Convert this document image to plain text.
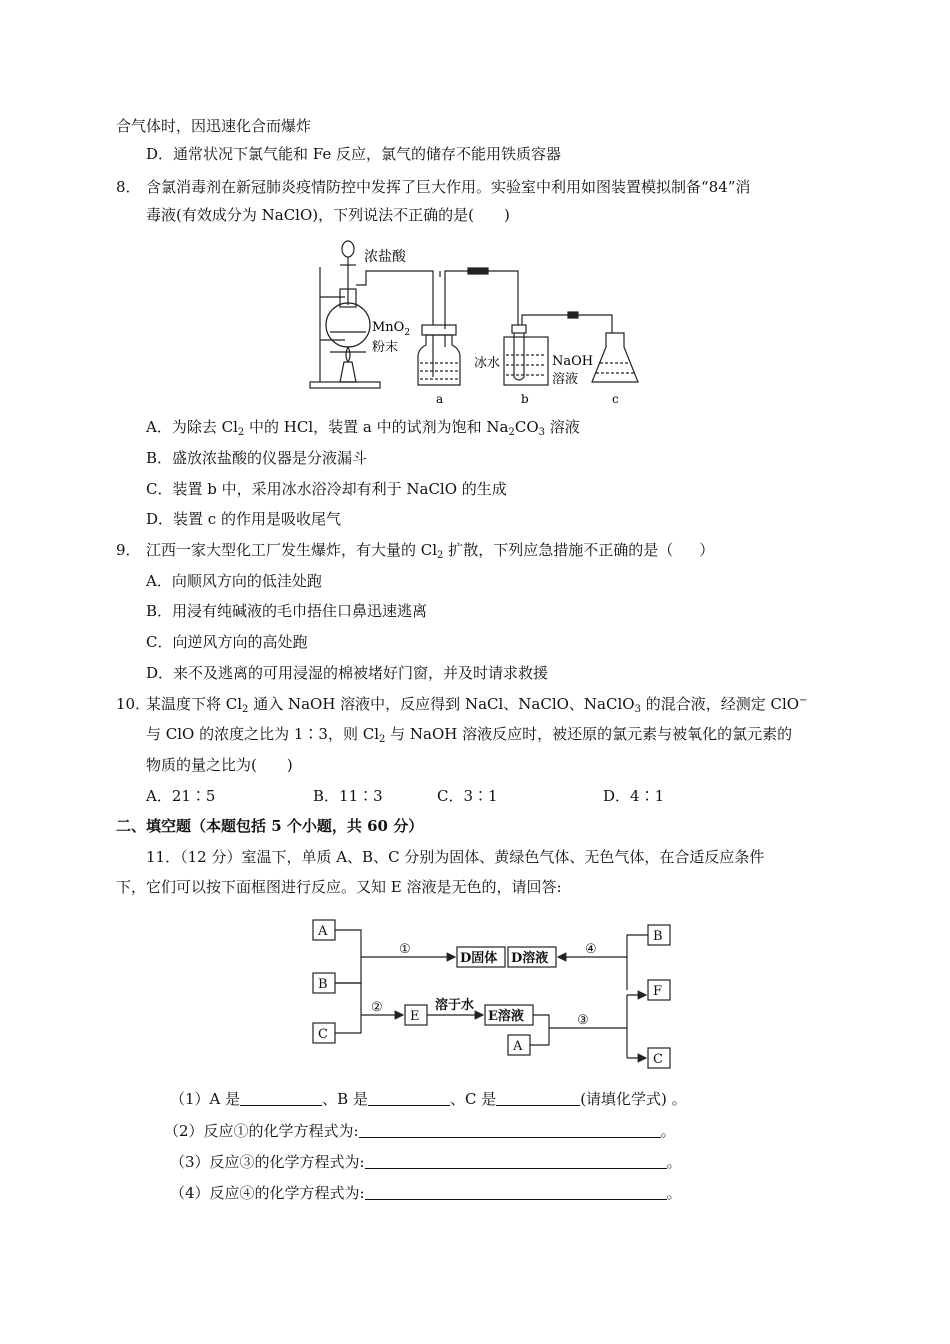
合气体时，因迅速化合而爆炸
D．通常状况下氯气能和 Fe 反应，氯气的储存不能用铁质容器
8． 含氯消毒剂在新冠肺炎疫情防控中发挥了巨大作用。实验室中利用如图装置模拟制备“84”消
毒液(有效成分为 NaClO)，下列说法不正确的是( )
浓盐酸
MnO$_2$
粉末
冰水	NaOH
溶液
a	b	c
A．为除去 $Cl_2$ 中的 HCl，装置 a 中的试剂为饱和 $Na_2CO_3$ 溶液
B．盛放浓盐酸的仪器是分液漏斗
C．装置 b 中，采用冰水浴冷却有利于 NaClO 的生成
D．装置 c 的作用是吸收尾气
9． 江西一家大型化工厂发生爆炸，有大量的 $Cl_2$ 扩散，下列应急措施不正确的是（ ）
A．向顺风方向的低洼处跑
B．用浸有纯碱液的毛巾捂住口鼻迅速逃离
C．向逆风方向的高处跑
D．来不及逃离的可用浸湿的棉被堵好门窗，并及时请求救援
10．
某温度下将 $Cl_2$ 通入 NaOH 溶液中，反应得到 NaCl、NaClO、NaClO$_3$ 的混合液，经测定 ClO−
与 ClO 的浓度之比为 1∶3，则 $Cl_2$ 与 NaOH 溶液反应时，被还原的氯元素与被氧化的氯元素的
物质的量之比为( )
A．21∶5	B．11∶3	C．3∶1	D．4∶1
二、填空题（本题包括 5 个小题，共 60 分）
11．（12 分）室温下，单质 A、B、C 分别为固体、黄绿色气体、无色气体，在合适反应条件
下，它们可以按下面框图进行反应。又知 E 溶液是无色的，请回答:
A
B
C
D固体 D溶液
E	E溶液
A
B
F
C
溶于水
①
②
③
④
（1）A 是	、B 是	、C 是	(请填化学式) 。
（2）反应①的化学方程式为:	。
（3）反应③的化学方程式为:	。
（4）反应④的化学方程式为:	。
